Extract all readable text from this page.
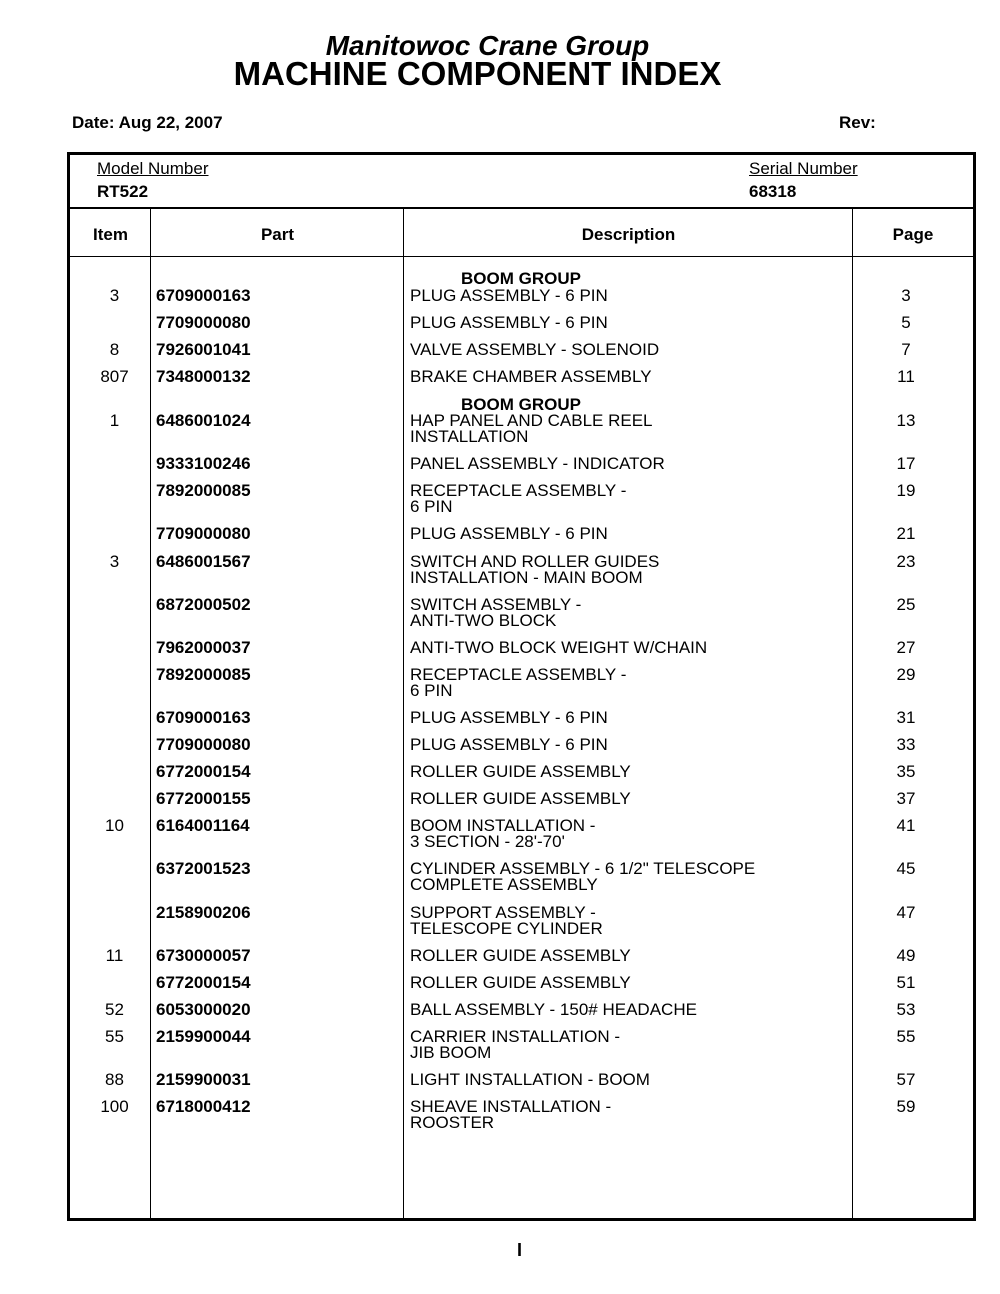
Manitowoc Crane Group
MACHINE COMPONENT INDEX
Date: Aug 22, 2007	Rev:
Model Number
RT522
Serial Number
68318
Item	Part	Description	Page
BOOM GROUP
BOOM GROUP
3	6709000163	PLUG ASSEMBLY - 6 PIN	3
7709000080	PLUG ASSEMBLY - 6 PIN	5
8	7926001041	VALVE ASSEMBLY - SOLENOID	7
807	7348000132	BRAKE CHAMBER ASSEMBLY	11
1	6486001024	HAP PANEL AND CABLE REEL	13
INSTALLATION
9333100246	PANEL ASSEMBLY - INDICATOR	17
7892000085	RECEPTACLE ASSEMBLY -	19
6 PIN
7709000080	PLUG ASSEMBLY - 6 PIN	21
3	6486001567	SWITCH AND ROLLER GUIDES	23
INSTALLATION - MAIN BOOM
6872000502	SWITCH ASSEMBLY -	25
ANTI-TWO BLOCK
7962000037	ANTI-TWO BLOCK WEIGHT W/CHAIN	27
7892000085	RECEPTACLE ASSEMBLY -	29
6 PIN
6709000163	PLUG ASSEMBLY - 6 PIN	31
7709000080	PLUG ASSEMBLY - 6 PIN	33
6772000154	ROLLER GUIDE ASSEMBLY	35
6772000155	ROLLER GUIDE ASSEMBLY	37
10	6164001164	BOOM INSTALLATION -	41
3 SECTION - 28'-70'
6372001523	CYLINDER ASSEMBLY - 6 1/2" TELESCOPE	45
COMPLETE ASSEMBLY
2158900206	SUPPORT ASSEMBLY -	47
TELESCOPE CYLINDER
11	6730000057	ROLLER GUIDE ASSEMBLY	49
6772000154	ROLLER GUIDE ASSEMBLY	51
52	6053000020	BALL ASSEMBLY - 150# HEADACHE	53
55	2159900044	CARRIER INSTALLATION -	55
JIB BOOM
88	2159900031	LIGHT INSTALLATION - BOOM	57
100	6718000412	SHEAVE INSTALLATION -	59
ROOSTER
I
